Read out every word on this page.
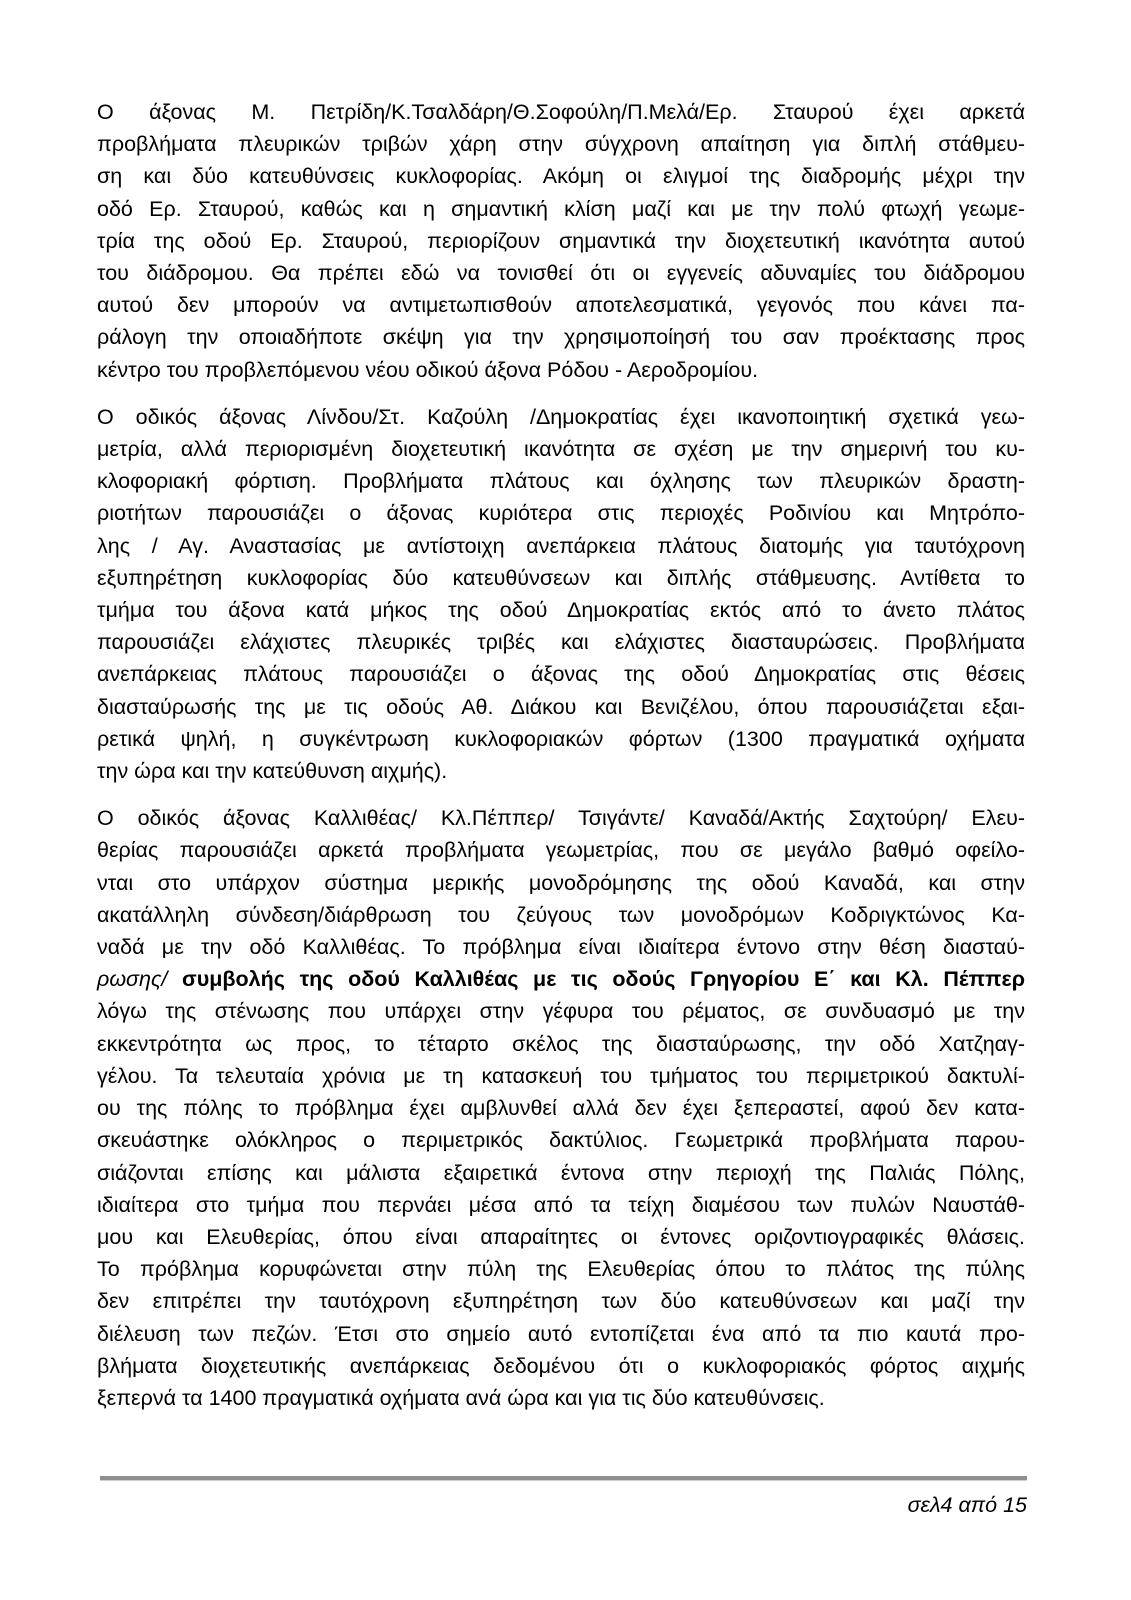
Ο άξονας Μ. Πετρίδη/Κ.Τσαλδάρη/Θ.Σοφούλη/Π.Μελά/Ερ. Σταυρού έχει αρκετά
προβλήματα πλευρικών τριβών χάρη στην σύγχρονη απαίτηση για διπλή στάθμευ-
ση και δύο κατευθύνσεις κυκλοφορίας. Ακόμη οι ελιγμοί της διαδρομής μέχρι την
οδό Ερ. Σταυρού, καθώς και η σημαντική κλίση μαζί και με την πολύ φτωχή γεωμε-
τρία της οδού Ερ. Σταυρού, περιορίζουν σημαντικά την διοχετευτική ικανότητα αυτού
του διάδρομου. Θα πρέπει εδώ να τονισθεί ότι οι εγγενείς αδυναμίες του διάδρομου
αυτού δεν μπορούν να αντιμετωπισθούν αποτελεσματικά, γεγονός που κάνει πα-
ράλογη την οποιαδήποτε σκέψη για την χρησιμοποίησή του σαν προέκτασης προς
κέντρο του προβλεπόμενου νέου οδικού άξονα Ρόδου - Αεροδρομίου.
Ο οδικός άξονας Λίνδου/Στ. Καζούλη /Δημοκρατίας έχει ικανοποιητική σχετικά γεω-
μετρία, αλλά περιορισμένη διοχετευτική ικανότητα σε σχέση με την σημερινή του κυ-
κλοφοριακή φόρτιση. Προβλήματα πλάτους και όχλησης των πλευρικών δραστη-
ριοτήτων παρουσιάζει ο άξονας κυριότερα στις περιοχές Ροδινίου και Μητρόπο-
λης / Αγ. Αναστασίας με αντίστοιχη ανεπάρκεια πλάτους διατομής για ταυτόχρονη
εξυπηρέτηση κυκλοφορίας δύο κατευθύνσεων και διπλής στάθμευσης. Αντίθετα το
τμήμα του άξονα κατά μήκος της οδού Δημοκρατίας εκτός από το άνετο πλάτος
παρουσιάζει ελάχιστες πλευρικές τριβές και ελάχιστες διασταυρώσεις. Προβλήματα
ανεπάρκειας πλάτους παρουσιάζει ο άξονας της οδού Δημοκρατίας στις θέσεις
διασταύρωσής της με τις οδούς Αθ. Διάκου και Βενιζέλου, όπου παρουσιάζεται εξαι-
ρετικά ψηλή, η συγκέντρωση κυκλοφοριακών φόρτων (1300 πραγματικά οχήματα
την ώρα και την κατεύθυνση αιχμής).
Ο οδικός άξονας Καλλιθέας/ Κλ.Πέππερ/ Τσιγάντε/ Καναδά/Ακτής Σαχτούρη/ Ελευ-
θερίας παρουσιάζει αρκετά προβλήματα γεωμετρίας, που σε μεγάλο βαθμό οφείλο-
νται στο υπάρχον σύστημα μερικής μονοδρόμησης της οδού Καναδά, και στην
ακατάλληλη σύνδεση/διάρθρωση του ζεύγους των μονοδρόμων Κοδριγκτώνος Κα-
ναδά με την οδό Καλλιθέας. Το πρόβλημα είναι ιδιαίτερα έντονο στην θέση διασταύ-
ρωσης/ συμβολής της οδού Καλλιθέας με τις οδούς Γρηγορίου Ε΄ και Κλ. Πέππερ
λόγω της στένωσης που υπάρχει στην γέφυρα του ρέματος, σε συνδυασμό με την
εκκεντρότητα ως προς, το τέταρτο σκέλος της διασταύρωσης, την οδό Χατζηαγ-
γέλου. Τα τελευταία χρόνια με τη κατασκευή του τμήματος του περιμετρικού δακτυλί-
ου της πόλης το πρόβλημα έχει αμβλυνθεί αλλά δεν έχει ξεπεραστεί, αφού δεν κατα-
σκευάστηκε ολόκληρος ο περιμετρικός δακτύλιος. Γεωμετρικά προβλήματα παρου-
σιάζονται επίσης και μάλιστα εξαιρετικά έντονα στην περιοχή της Παλιάς Πόλης,
ιδιαίτερα στο τμήμα που περνάει μέσα από τα τείχη διαμέσου των πυλών Ναυστάθ-
μου και Ελευθερίας, όπου είναι απαραίτητες οι έντονες οριζοντιογραφικές θλάσεις.
Το πρόβλημα κορυφώνεται στην πύλη της Ελευθερίας όπου το πλάτος της πύλης
δεν επιτρέπει την ταυτόχρονη εξυπηρέτηση των δύο κατευθύνσεων και μαζί την
διέλευση των πεζών. Έτσι στο σημείο αυτό εντοπίζεται ένα από τα πιο καυτά προ-
βλήματα διοχετευτικής ανεπάρκειας δεδομένου ότι ο κυκλοφοριακός φόρτος αιχμής
ξεπερνά τα 1400 πραγματικά οχήματα ανά ώρα και για τις δύο κατευθύνσεις.
σελ4 από 15
